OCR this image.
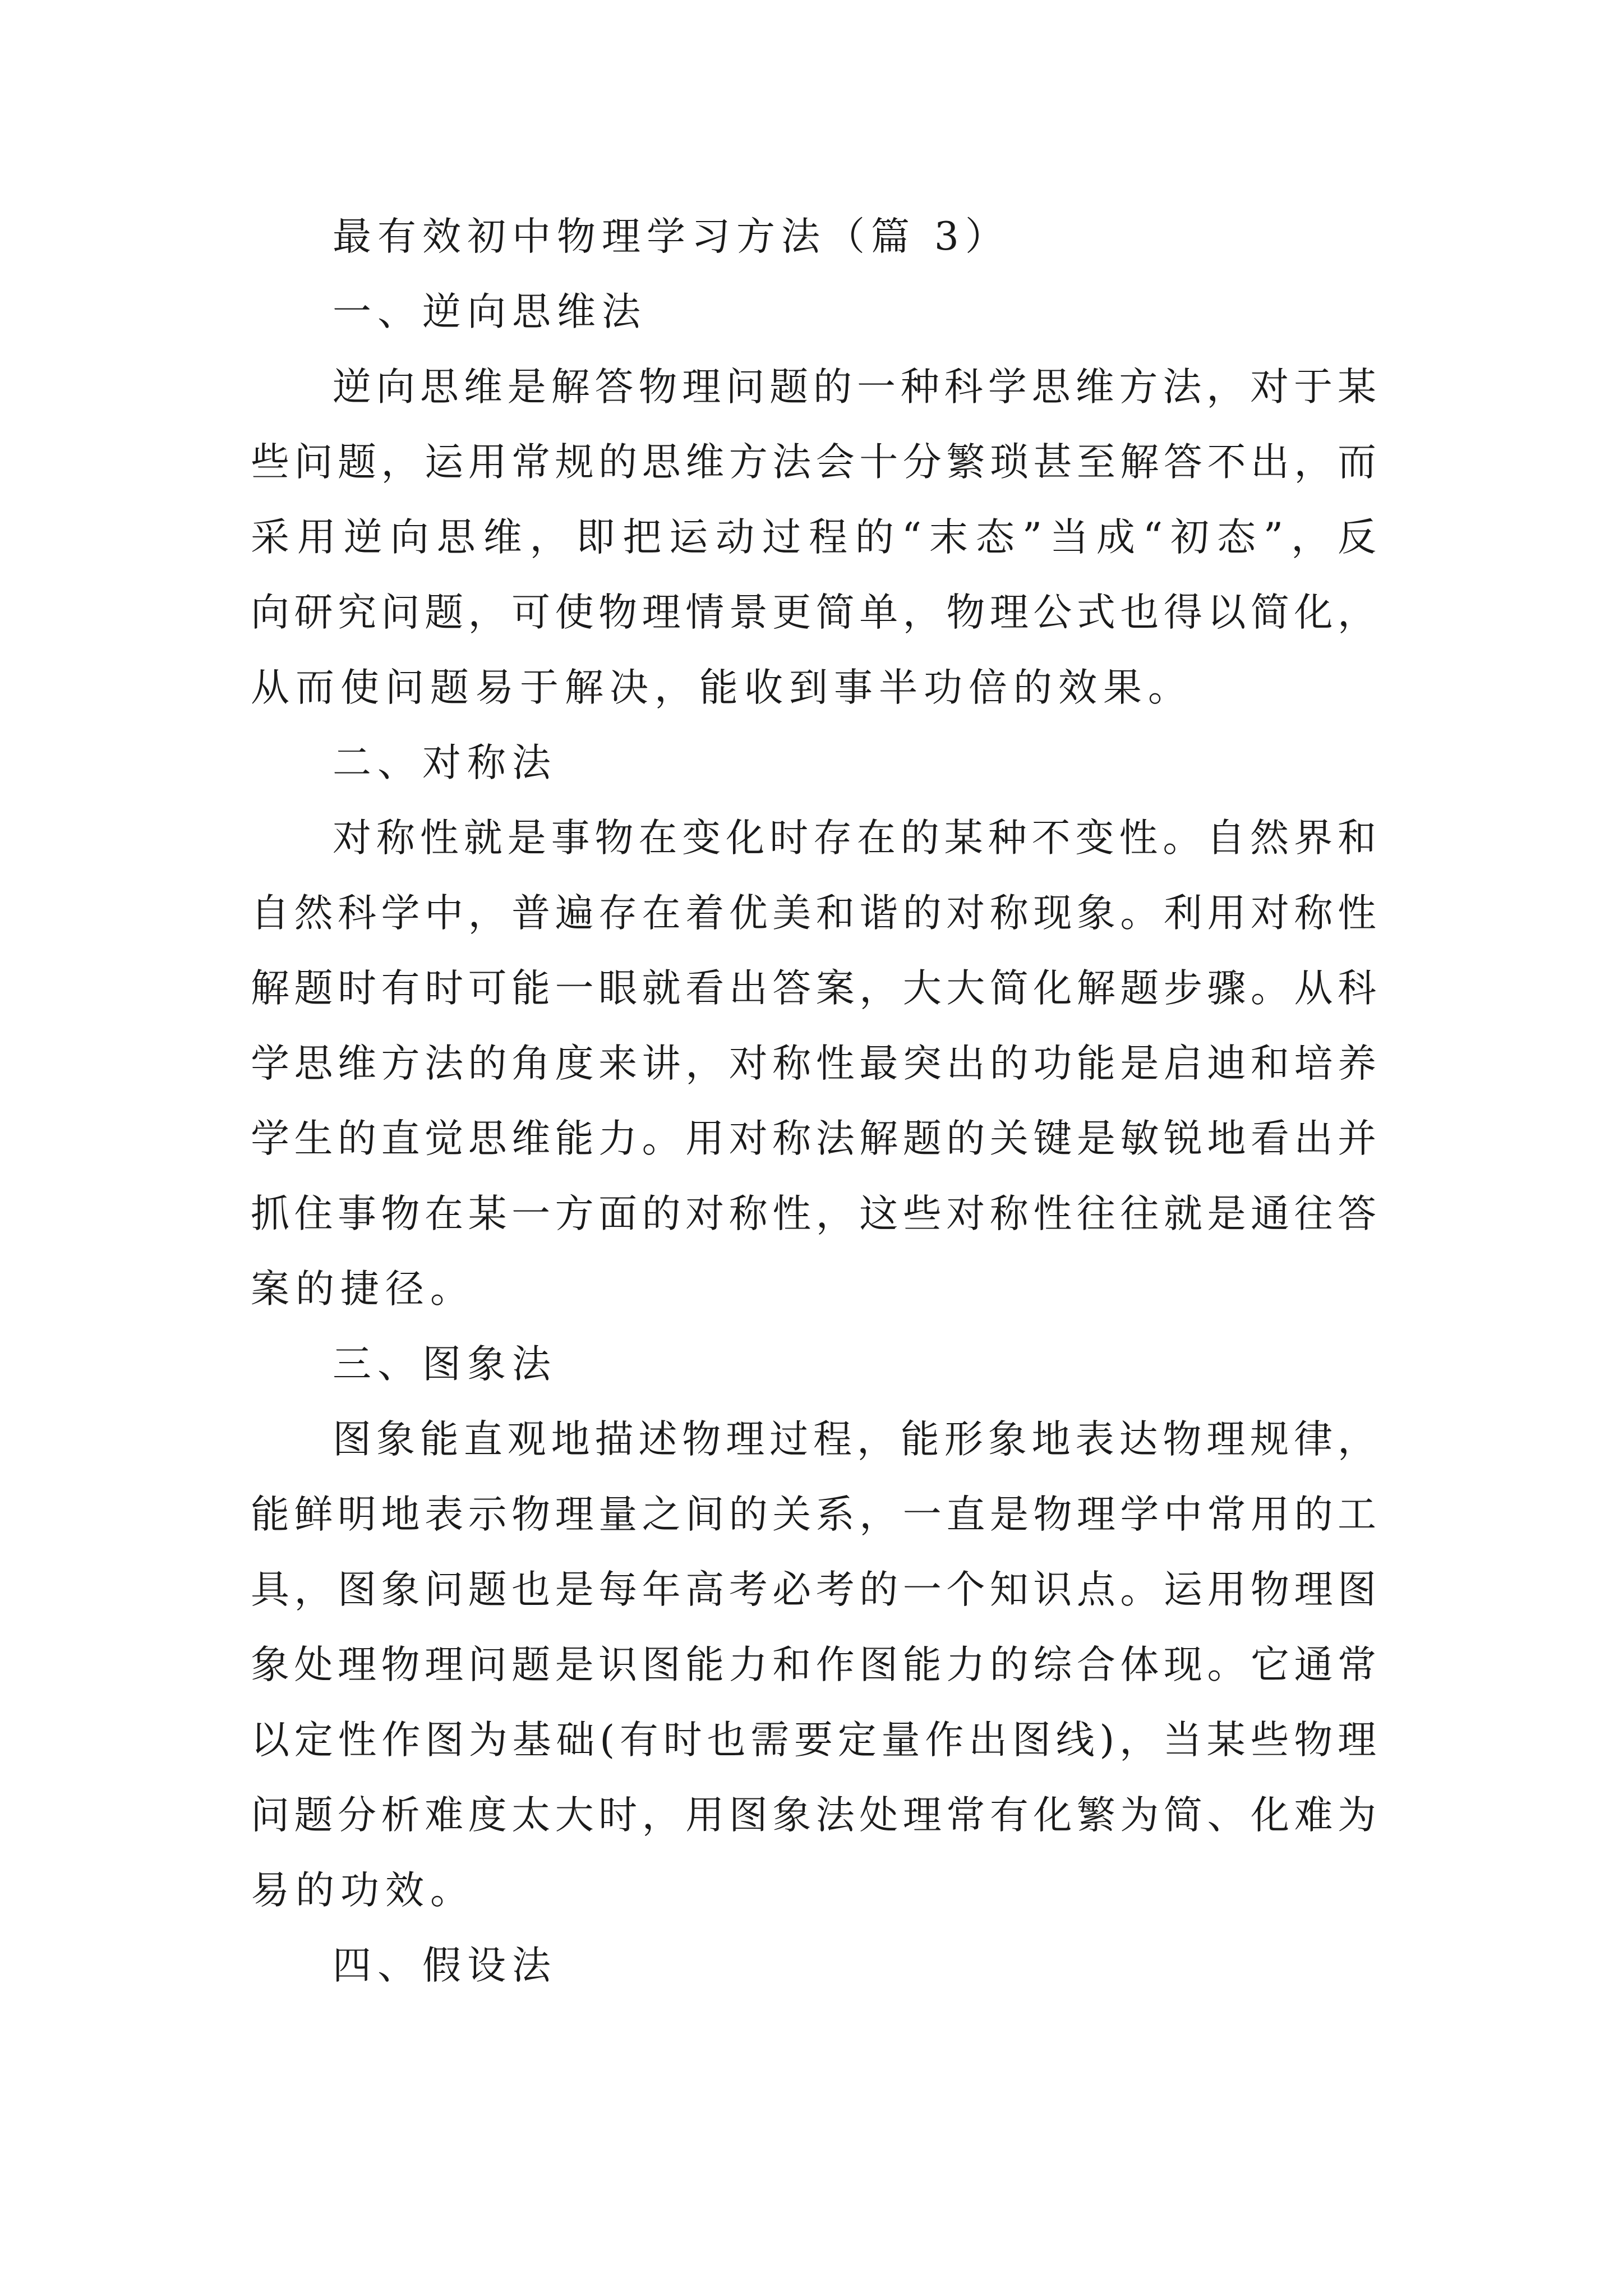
最有效初中物理学习方法（篇 3）
一、逆向思维法
逆向思维是解答物理问题的一种科学思维方法，对于某
些问题，运用常规的思维方法会十分繁琐甚至解答不出，而
采用逆向思维，即把运动过程的“末态”当成“初态”，反
向研究问题，可使物理情景更简单，物理公式也得以简化，
从而使问题易于解决，能收到事半功倍的效果。
二、对称法
对称性就是事物在变化时存在的某种不变性。自然界和
自然科学中，普遍存在着优美和谐的对称现象。利用对称性
解题时有时可能一眼就看出答案，大大简化解题步骤。从科
学思维方法的角度来讲，对称性最突出的功能是启迪和培养
学生的直觉思维能力。用对称法解题的关键是敏锐地看出并
抓住事物在某一方面的对称性，这些对称性往往就是通往答
案的捷径。
三、图象法
图象能直观地描述物理过程，能形象地表达物理规律，
能鲜明地表示物理量之间的关系，一直是物理学中常用的工
具，图象问题也是每年高考必考的一个知识点。运用物理图
象处理物理问题是识图能力和作图能力的综合体现。它通常
以定性作图为基础(有时也需要定量作出图线)，当某些物理
问题分析难度太大时，用图象法处理常有化繁为简、化难为
易的功效。
四、假设法
